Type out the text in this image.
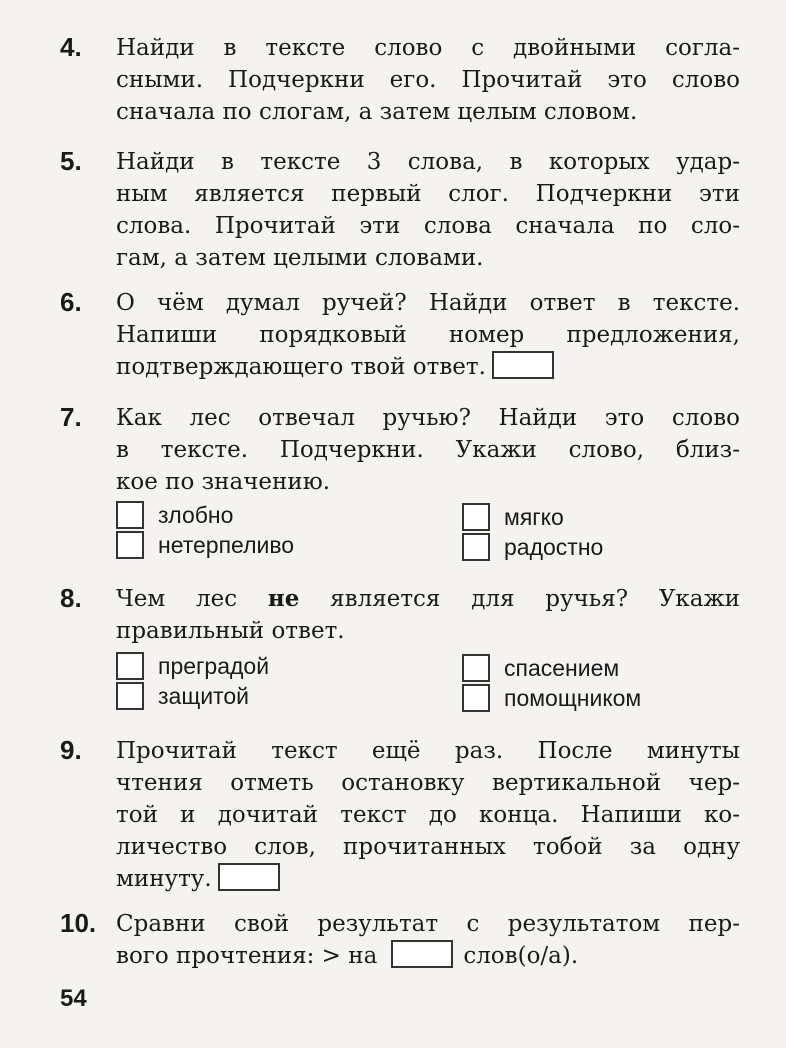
4. Найди в тексте слово с двойными согла-
сными. Подчеркни его. Прочитай это слово
сначала по слогам, а затем целым словом.
5. Найди в тексте 3 слова, в которых удар-
ным является первый слог. Подчеркни эти
слова. Прочитай эти слова сначала по сло-
гам, а затем целыми словами.
6. О чём думал ручей? Найди ответ в тексте.
Напиши порядковый номер предложения,
подтверждающего твой ответ.
7. Как лес отвечал ручью? Найди это слово
в тексте. Подчеркни. Укажи слово, близ-
кое по значению.
злобно	мягко
нетерпеливо	радостно
8. Чем лес не является для ручья? Укажи
правильный ответ.
преградой	спасением
защитой	помощником
9. Прочитай текст ещё раз. После минуты
чтения отметь остановку вертикальной чер-
той и дочитай текст до конца. Напиши ко-
личество слов, прочитанных тобой за одну
минуту.
10. Сравни свой результат с результатом пер-
вого прочтения: > на	слов(о/а).
54
